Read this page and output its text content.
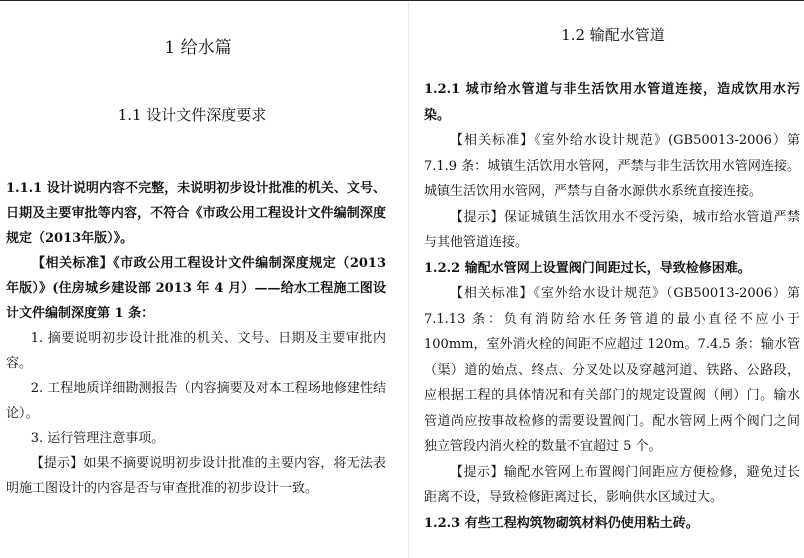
1 给水篇
1.1 设计文件深度要求

1.1.1 设计说明内容不完整，未说明初步设计批准的机关、文号、日期及主要审批等内容，不符合《市政公用工程设计文件编制深度规定（2013年版）》。

【相关标准】《市政公用工程设计文件编制深度规定（2013年版）》(住房城乡建设部 2013 年 4 月）——给水工程施工图设计文件编制深度第 1 条：

1. 摘要说明初步设计批准的机关、文号、日期及主要审批内容。

2. 工程地质详细勘测报告（内容摘要及对本工程场地修建性结论）。

3. 运行管理注意事项。

【提示】如果不摘要说明初步设计批准的主要内容，将无法表明施工图设计的内容是否与审查批准的初步设计一致。

1.2 输配水管道

1.2.1 城市给水管道与非生活饮用水管道连接，造成饮用水污染。

【相关标准】《室外给水设计规范》(GB50013-2006）第 7.1.9 条：城镇生活饮用水管网，严禁与非生活饮用水管网连接。城镇生活饮用水管网，严禁与自备水源供水系统直接连接。

【提示】保证城镇生活饮用水不受污染，城市给水管道严禁与其他管道连接。

1.2.2 输配水管网上设置阀门间距过长，导致检修困难。

【相关标准】《室外给水设计规范》（GB50013-2006）第 7.1.13 条：负有消防给水任务管道的最小直径不应小于 100mm，室外消火栓的间距不应超过 120m。7.4.5 条：输水管（渠）道的始点、终点、分叉处以及穿越河道、铁路、公路段，应根据工程的具体情况和有关部门的规定设置阀（闸）门。输水管道尚应按事故检修的需要设置阀门。配水管网上两个阀门之间独立管段内消火栓的数量不宜超过 5 个。

【提示】输配水管网上布置阀门间距应方便检修，避免过长距离不设，导致检修距离过长，影响供水区域过大。

1.2.3 有些工程构筑物砌筑材料仍使用粘土砖。
